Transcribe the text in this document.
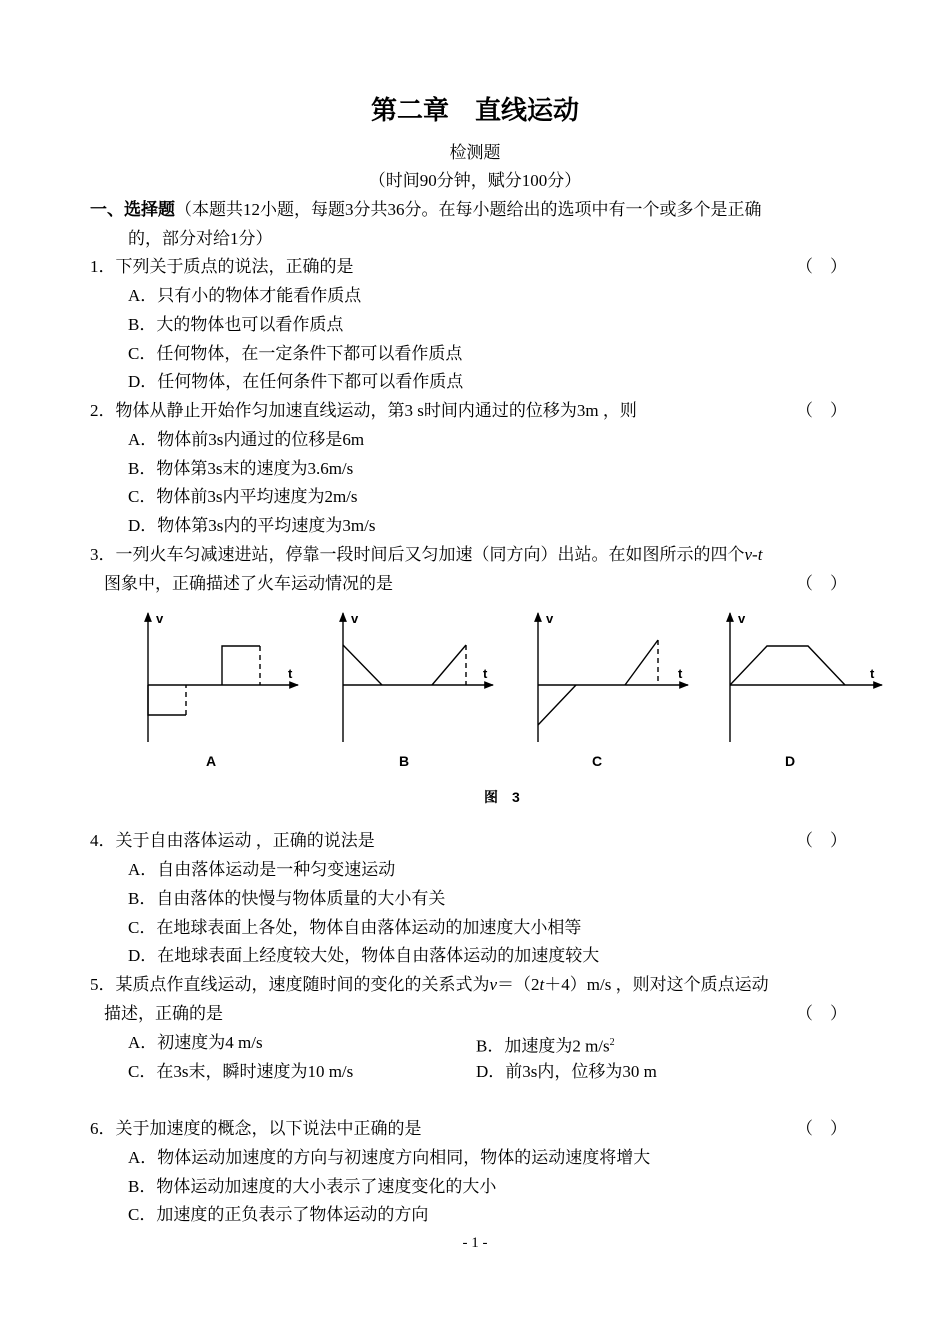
第二章　直线运动
检测题
（时间90分钟，赋分100分）
一、选择题（本题共12小题，每题3分共36分。在每小题给出的选项中有一个或多个是正确
的，部分对给1分）
1．下列关于质点的说法，正确的是	（　）
A．只有小的物体才能看作质点
B．大的物体也可以看作质点
C．任何物体，在一定条件下都可以看作质点
D．任何物体，在任何条件下都可以看作质点
2．物体从静止开始作匀加速直线运动，第3 s时间内通过的位移为3m ，则	（　）
A．物体前3s内通过的位移是6m
B．物体第3s末的速度为3.6m/s
C．物体前3s内平均速度为2m/s
D．物体第3s内的平均速度为3m/s
3．一列火车匀减速进站，停靠一段时间后又匀加速（同方向）出站。在如图所示的四个v-t
图象中，正确描述了火车运动情况的是	（　）
v
t
A
v
t
B
v
t
C
v
t
D
图　3
4．关于自由落体运动 ，正确的说法是	（　）
A．自由落体运动是一种匀变速运动
B．自由落体的快慢与物体质量的大小有关
C．在地球表面上各处，物体自由落体运动的加速度大小相等
D．在地球表面上经度较大处，物体自由落体运动的加速度较大
5．某质点作直线运动，速度随时间的变化的关系式为v＝（2t＋4）m/s ，则对这个质点运动
描述，正确的是	（　）
A．初速度为4 m/s	B．加速度为2 $m/s^2$
C．在3s末，瞬时速度为10 m/s	D．前3s内，位移为30 m
6．关于加速度的概念，以下说法中正确的是	（　）
A．物体运动加速度的方向与初速度方向相同，物体的运动速度将增大
B．物体运动加速度的大小表示了速度变化的大小
C．加速度的正负表示了物体运动的方向
- 1 -
